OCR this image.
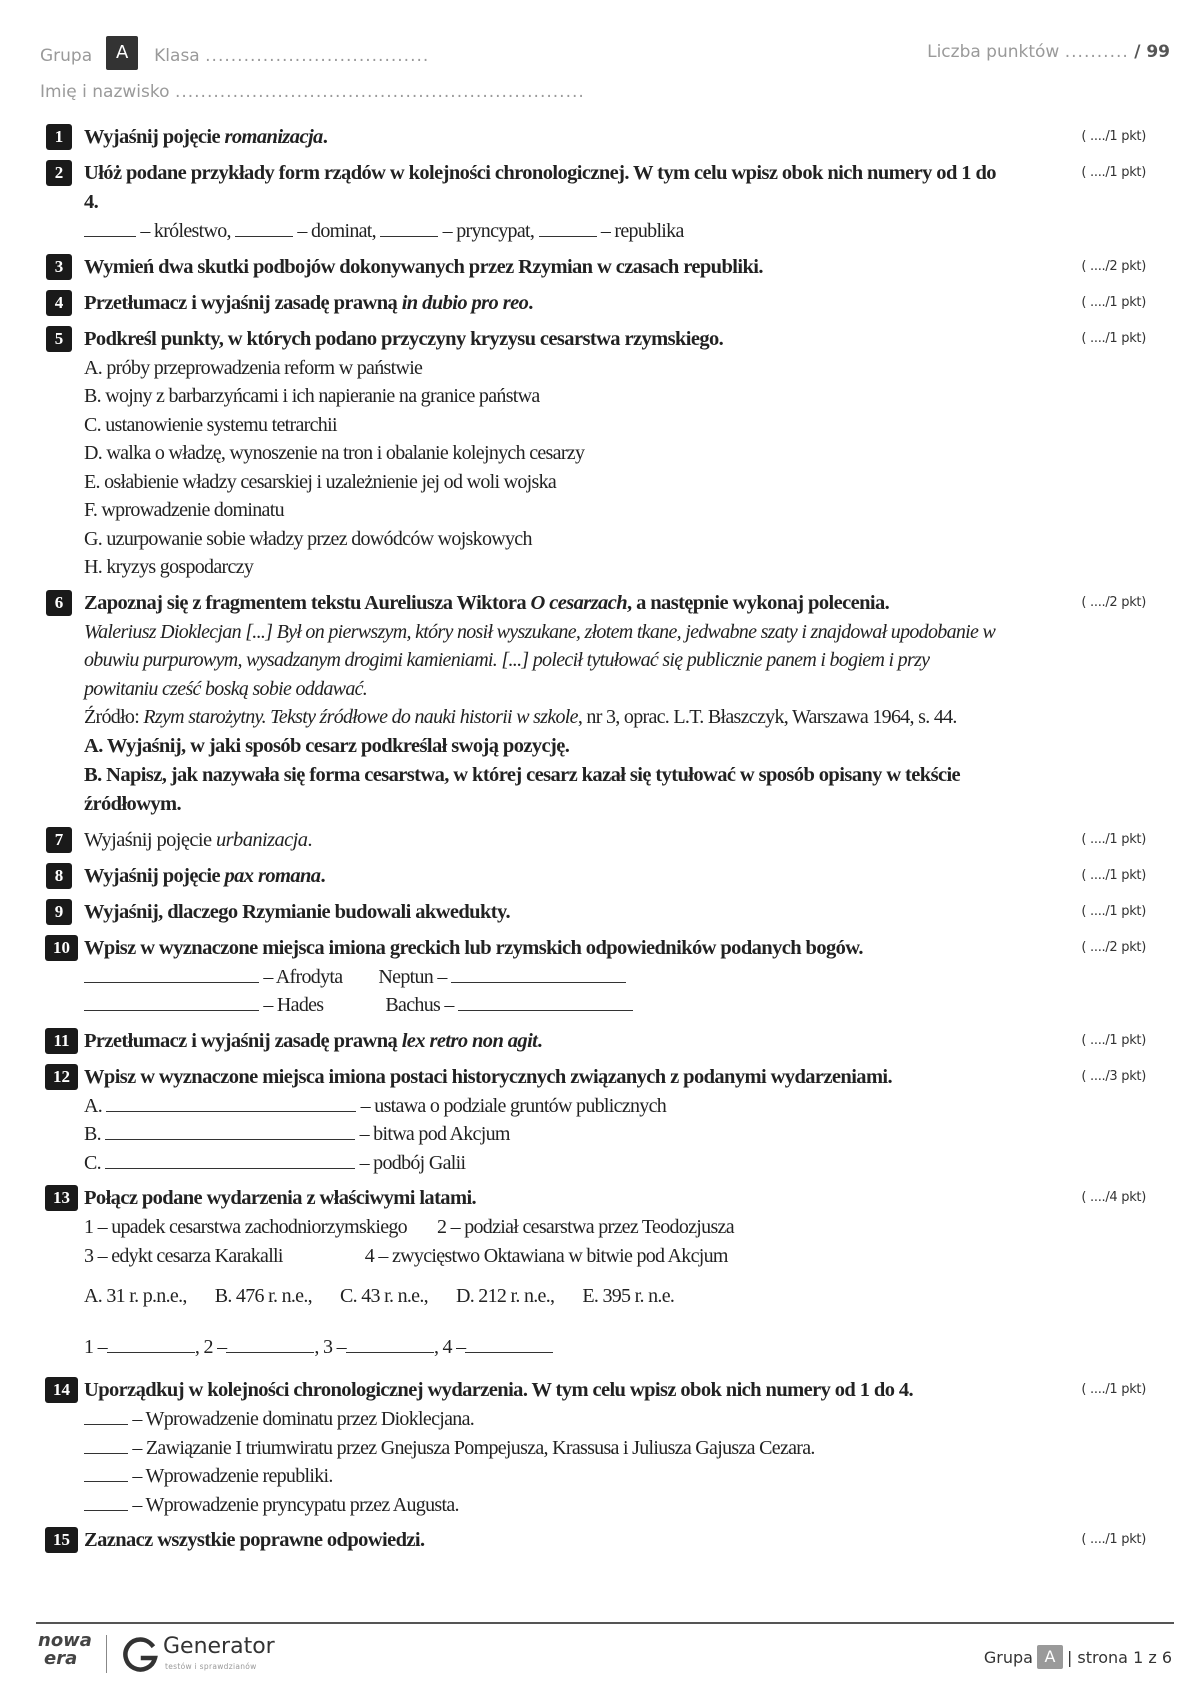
Grupa	A	Klasa
...................................	Liczba punktów .......... / 99
Imię i nazwisko ................................................................
1	Wyjaśnij pojęcie romanizacja.	( ..../1 pkt)
2	Ułóż podane przykłady form rządów w kolejności chronologicznej. W tym celu wpisz obok nich numery od 1 do 4.
– królestwo,	– dominat,	– pryncypat,	– republika
( ..../1 pkt)
3	Wymień dwa skutki podbojów dokonywanych przez Rzymian w czasach republiki.	( ..../2 pkt)
4	Przetłumacz i wyjaśnij zasadę prawną in dubio pro reo.	( ..../1 pkt)
5	Podkreśl punkty, w których podano przyczyny kryzysu cesarstwa rzymskiego.
A. próby przeprowadzenia reform w państwie
B. wojny z barbarzyńcami i ich napieranie na granice państwa
C. ustanowienie systemu tetrarchii
D. walka o władzę, wynoszenie na tron i obalanie kolejnych cesarzy
E. osłabienie władzy cesarskiej i uzależnienie jej od woli wojska
F. wprowadzenie dominatu
G. uzurpowanie sobie władzy przez dowódców wojskowych
H. kryzys gospodarczy
( ..../1 pkt)
6	Zapoznaj się z fragmentem tekstu Aureliusza Wiktora O cesarzach, a następnie wykonaj polecenia.
Waleriusz Dioklecjan [...] Był on pierwszym, który nosił wyszukane, złotem tkane, jedwabne szaty i znajdował upodobanie w obuwiu purpurowym, wysadzanym drogimi kamieniami. [...] polecił tytułować się publicznie panem i bogiem i przy powitaniu cześć boską sobie oddawać.
Źródło: Rzym starożytny. Teksty źródłowe do nauki historii w szkole, nr 3, oprac. L.T. Błaszczyk, Warszawa 1964, s. 44.
A. Wyjaśnij, w jaki sposób cesarz podkreślał swoją pozycję.
B. Napisz, jak nazywała się forma cesarstwa, w której cesarz kazał się tytułować w sposób opisany w tekście źródłowym.
( ..../2 pkt)
7	Wyjaśnij pojęcie urbanizacja.	( ..../1 pkt)
8	Wyjaśnij pojęcie pax romana.	( ..../1 pkt)
9	Wyjaśnij, dlaczego Rzymianie budowali akwedukty.	( ..../1 pkt)
10 Wpisz w wyznaczone miejsca imiona greckich lub rzymskich odpowiedników podanych bogów.
– Afrodyta Neptun –
– Hades	Bachus –
( ..../2 pkt)
11 Przetłumacz i wyjaśnij zasadę prawną lex retro non agit.	( ..../1 pkt)
12 Wpisz w wyznaczone miejsca imiona postaci historycznych związanych z podanymi wydarzeniami.
A.	– ustawa o podziale gruntów publicznych
B.	– bitwa pod Akcjum
C.	– podbój Galii
( ..../3 pkt)
13 Połącz podane wydarzenia z właściwymi latami.
1 – upadek cesarstwa zachodniorzymskiego 2 – podział cesarstwa przez Teodozjusza
3 – edykt cesarza Karakalli	4 – zwycięstwo Oktawiana w bitwie pod Akcjum
A. 31 r. p.n.e., B. 476 r. n.e., C. 43 r. n.e., D. 212 r. n.e., E. 395 r. n.e.
1 –	, 2 –	, 3 –	, 4 –
( ..../4 pkt)
14 Uporządkuj w kolejności chronologicznej wydarzenia. W tym celu wpisz obok nich numery od 1 do 4.
– Wprowadzenie dominatu przez Dioklecjana.
– Zawiązanie I triumwiratu przez Gnejusza Pompejusza, Krassusa i Juliusza Gajusza Cezara.
– Wprowadzenie republiki.
– Wprowadzenie pryncypatu przez Augusta.
( ..../1 pkt)
15 Zaznacz wszystkie poprawne odpowiedzi.	( ..../1 pkt)
nowa
era	Generator
testów i sprawdzianów	Grupa A | strona 1 z 6
